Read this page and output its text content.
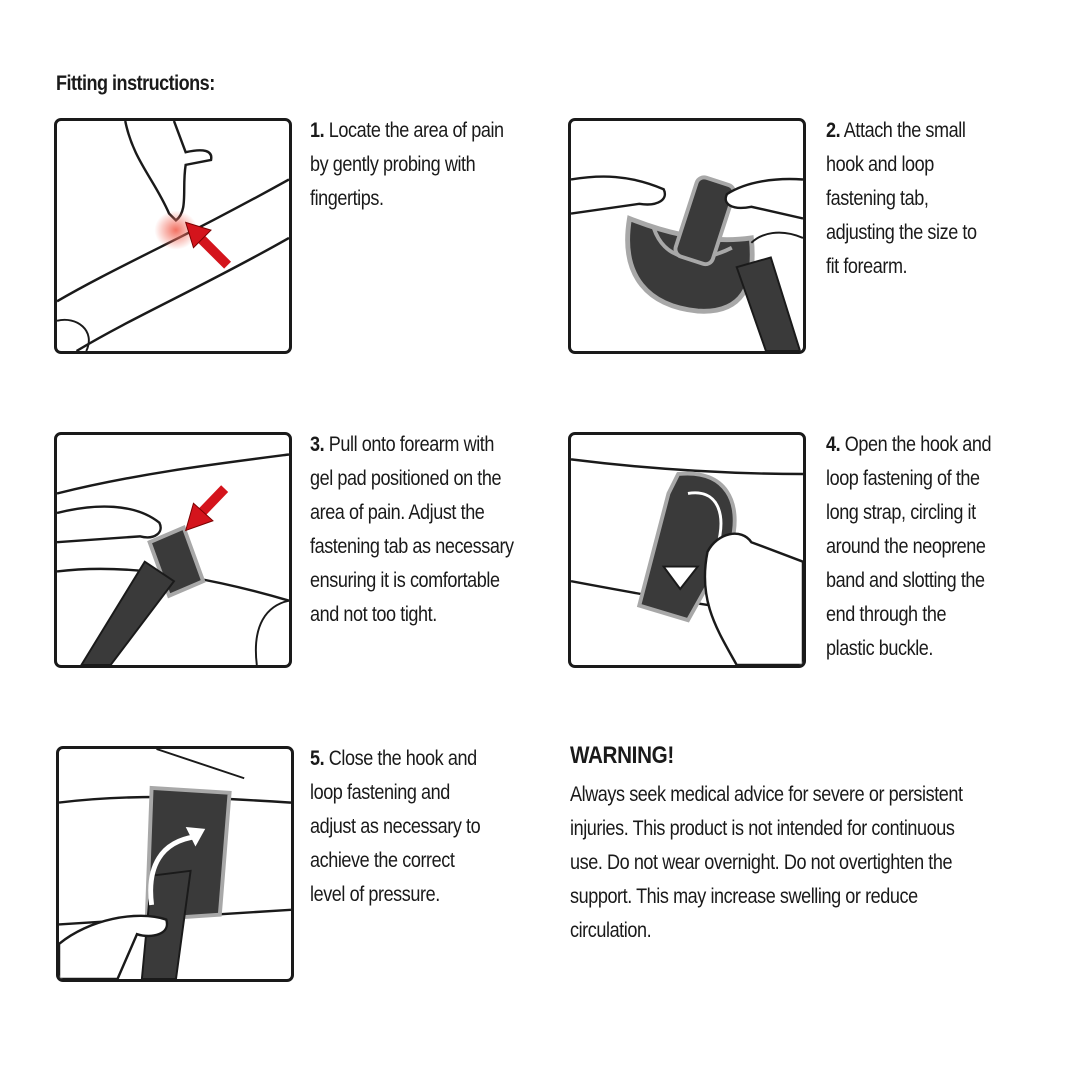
Fitting instructions:
1. Locate the area of pain
by gently probing with
fingertips.
2. Attach the small
hook and loop
fastening tab,
adjusting the size to
fit forearm.
3. Pull onto forearm with
gel pad positioned on the
area of pain. Adjust the
fastening tab as necessary
ensuring it is comfortable
and not too tight.
4. Open the hook and
loop fastening of the
long strap, circling it
around the neoprene
band and slotting the
end through the
plastic buckle.
5. Close the hook and
loop fastening and
adjust as necessary to
achieve the correct
level of pressure.
WARNING!
Always seek medical advice for severe or persistent
injuries. This product is not intended for continuous
use. Do not wear overnight. Do not overtighten the
support. This may increase swelling or reduce
circulation.
